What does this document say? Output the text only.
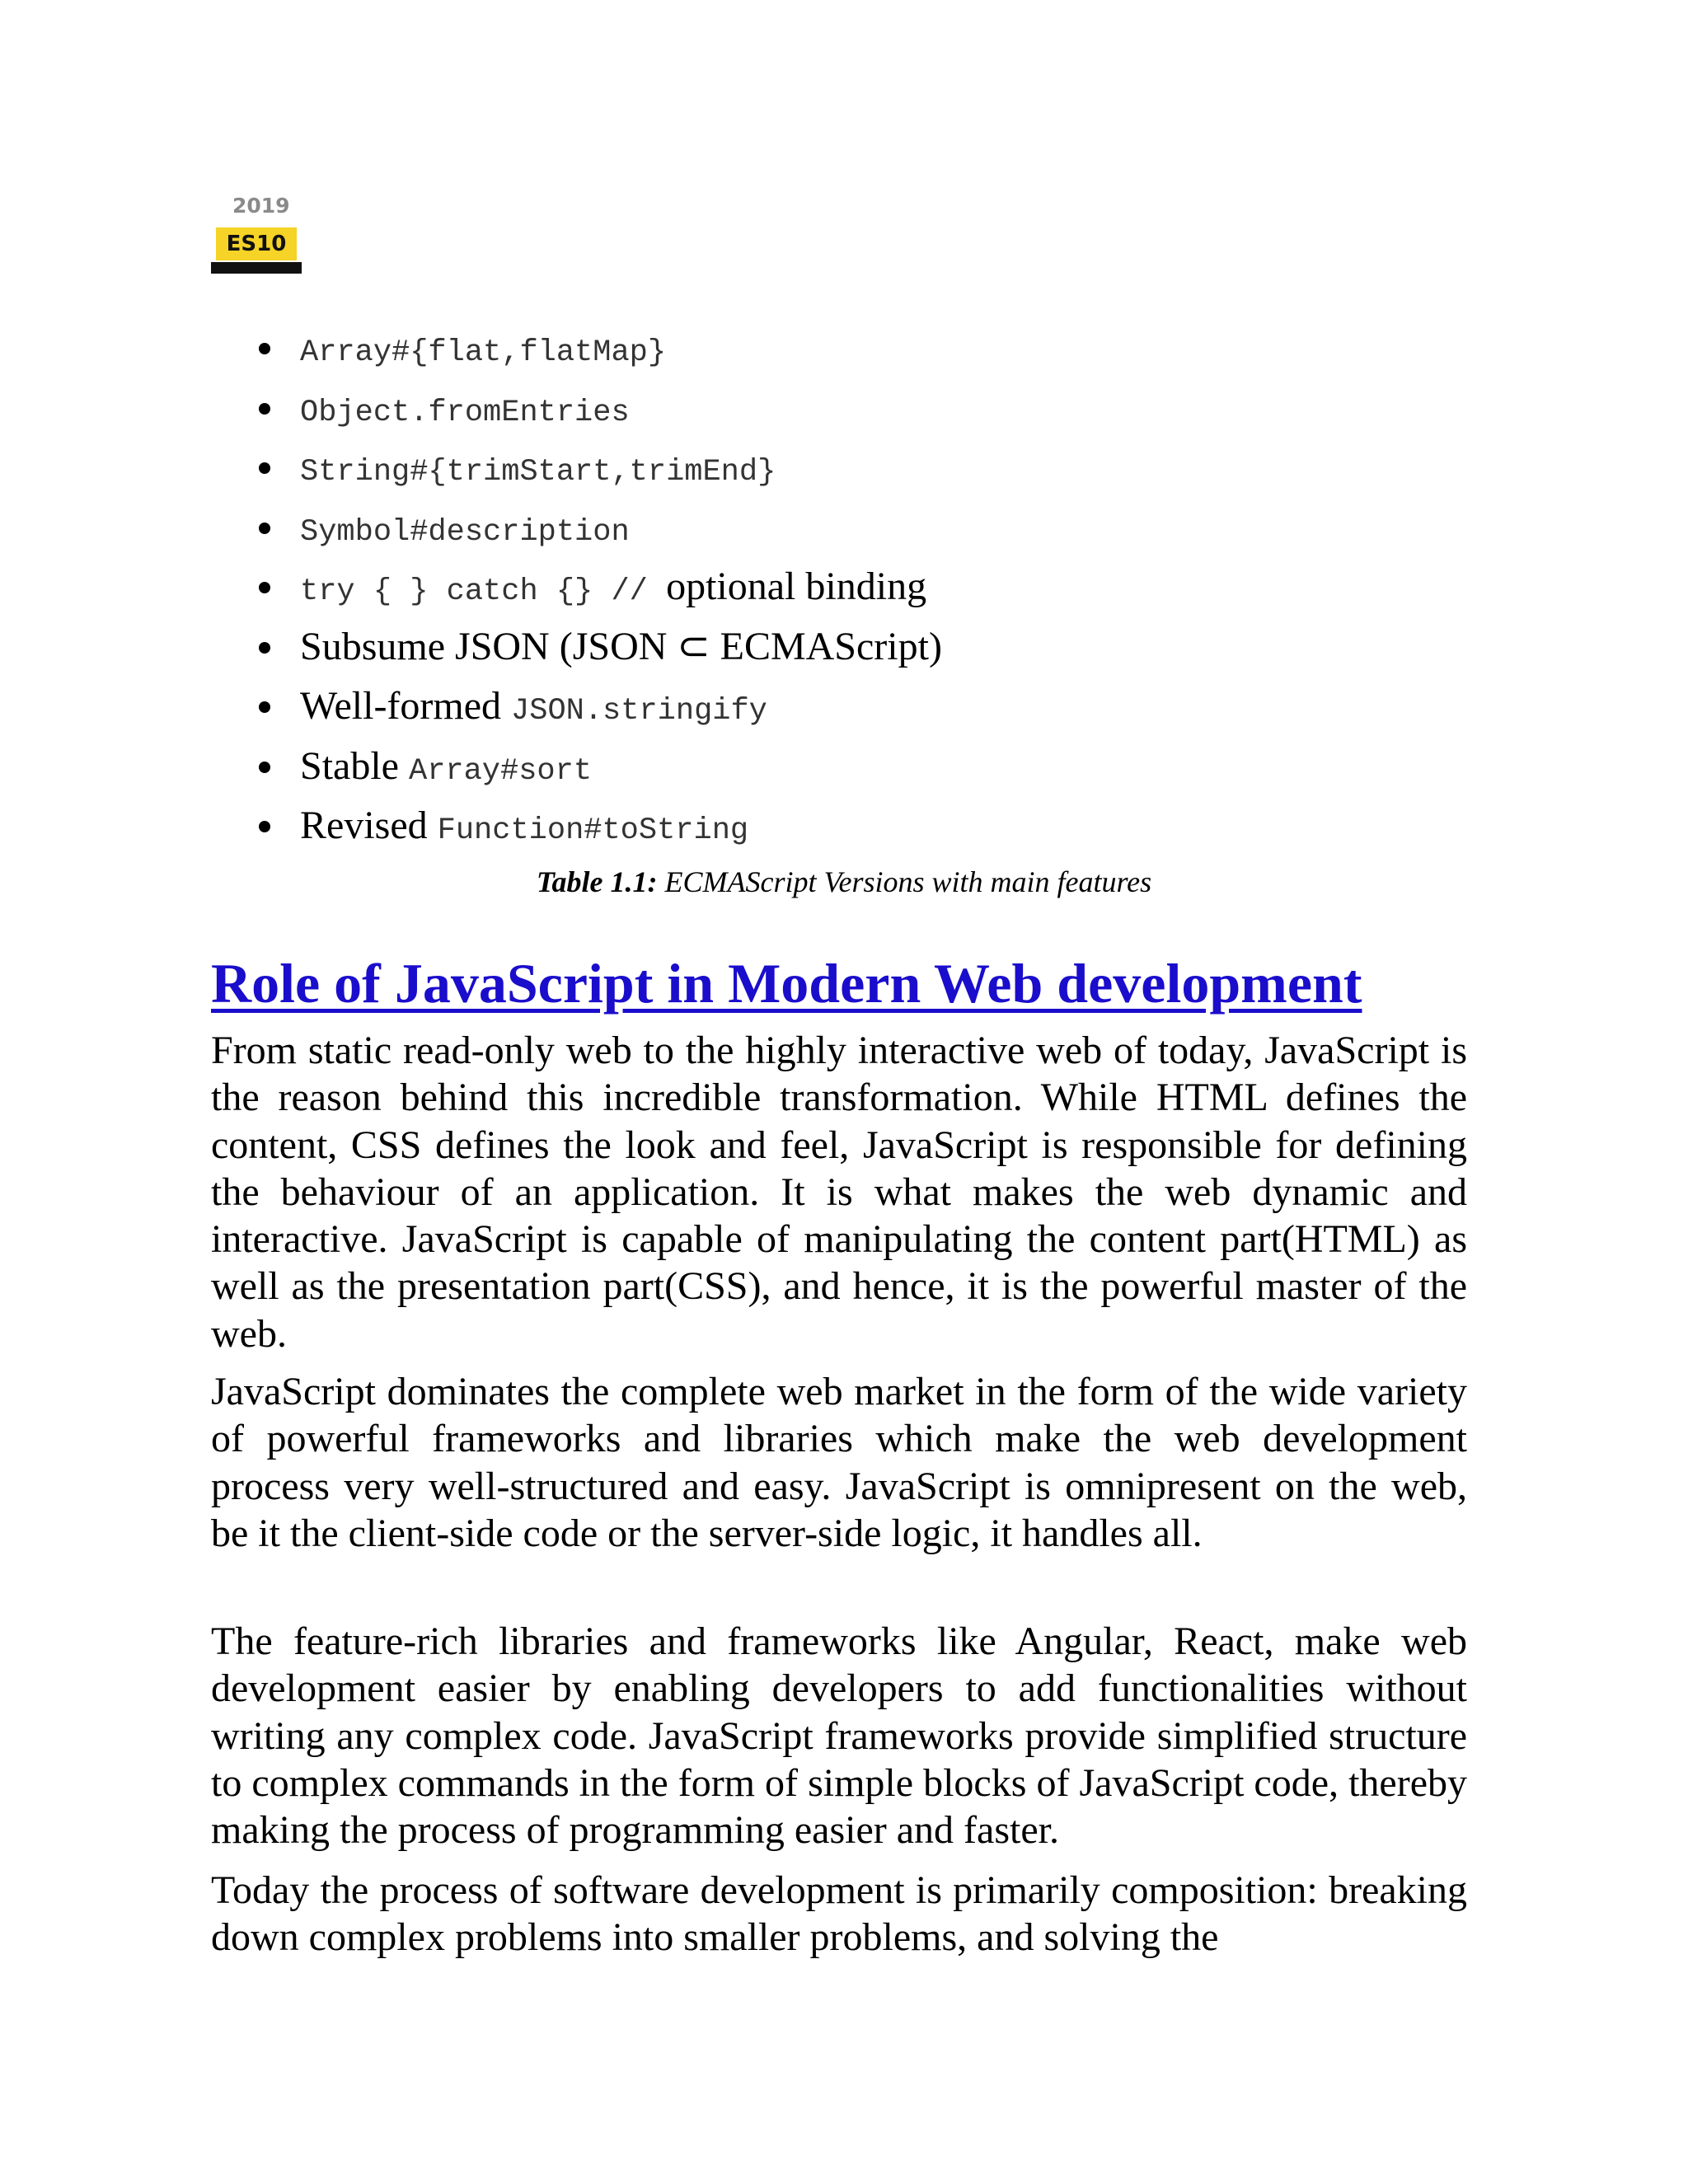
2019
ES10
Array#{flat,flatMap}
Object.fromEntries
String#{trimStart,trimEnd}
Symbol#description
try { } catch {} // optional binding
Subsume JSON (JSON ⊂ ECMAScript)
Well-formed JSON.stringify
Stable Array#sort
Revised Function#toString
Table 1.1: ECMAScript Versions with main features
Role of JavaScript in Modern Web development

From static read-only web to the highly interactive web of today, JavaScript is the reason behind this incredible transformation. While HTML defines the content, CSS defines the look and feel, JavaScript is responsible for defining the behaviour of an application. It is what makes the web dynamic and interactive. JavaScript is capable of manipulating the content part(HTML) as well as the presentation part(CSS), and hence, it is the powerful master of the web.

JavaScript dominates the complete web market in the form of the wide variety of powerful frameworks and libraries which make the web development process very well-structured and easy. JavaScript is omnipresent on the web, be it the client-side code or the server-side logic, it handles all.

The feature-rich libraries and frameworks like Angular, React, make web development easier by enabling developers to add functionalities without writing any complex code. JavaScript frameworks provide simplified structure to complex commands in the form of simple blocks of JavaScript code, thereby making the process of programming easier and faster.

Today the process of software development is primarily composition: breaking down complex problems into smaller problems, and solving the
